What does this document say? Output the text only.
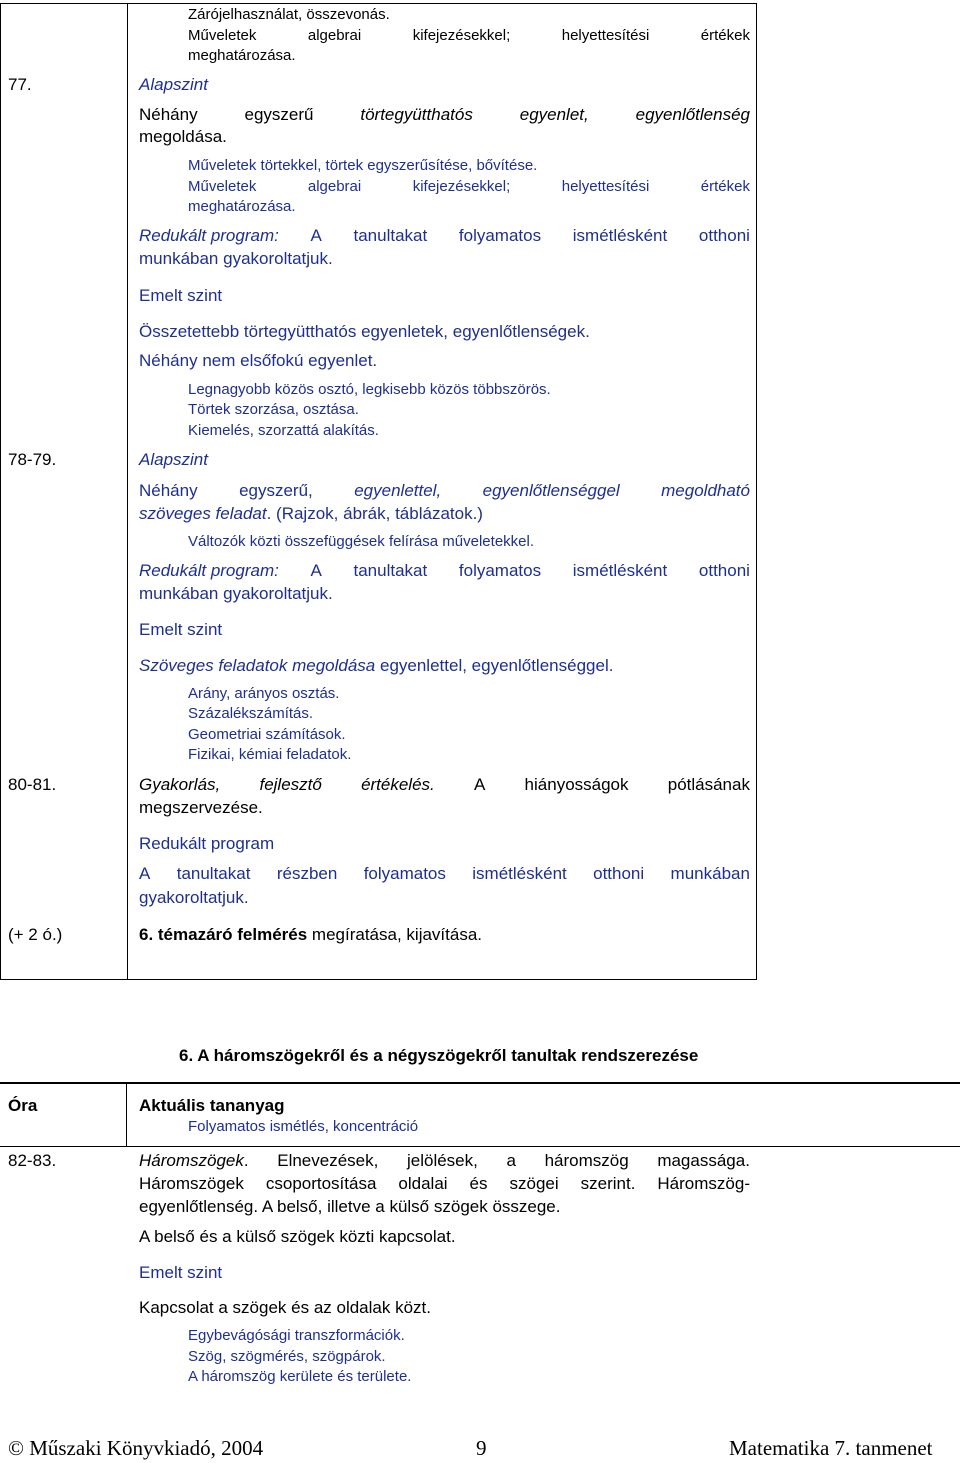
Zárójelhasználat, összevonás.
Műveletek	algebrai	kifejezésekkel;	helyettesítési	értékek
meghatározása.
77.	Alapszint
Néhány	egyszerű	törtegyütthatós	egyenlet,	egyenlőtlenség
megoldása.
Műveletek törtekkel, törtek egyszerűsítése, bővítése.
Műveletek	algebrai	kifejezésekkel;	helyettesítési	értékek
meghatározása.
Redukált program: A tanultakat folyamatos ismétlésként otthoni
munkában gyakoroltatjuk.
Emelt szint
Összetettebb törtegyütthatós egyenletek, egyenlőtlenségek.
Néhány nem elsőfokú egyenlet.
Legnagyobb közös osztó, legkisebb közös többszörös.
Törtek szorzása, osztása.
Kiemelés, szorzattá alakítás.
78-79.	Alapszint
Néhány egyszerű, egyenlettel, egyenlőtlenséggel megoldható
szöveges feladat. (Rajzok, ábrák, táblázatok.)
Változók közti összefüggések felírása műveletekkel.
Redukált program: A tanultakat folyamatos ismétlésként otthoni
munkában gyakoroltatjuk.
Emelt szint
Szöveges feladatok megoldása egyenlettel, egyenlőtlenséggel.
Arány, arányos osztás.
Százalékszámítás.
Geometriai számítások.
Fizikai, kémiai feladatok.
80-81.	Gyakorlás, fejlesztő értékelés. A hiányosságok pótlásának
megszervezése.
Redukált program
A tanultakat részben folyamatos ismétlésként otthoni munkában
gyakoroltatjuk.
(+ 2 ó.)	6. témazáró felmérés megíratása, kijavítása.
6. A háromszögekről és a négyszögekről tanultak rendszerezése
Óra	Aktuális tananyag
Folyamatos ismétlés, koncentráció
82-83.	Háromszögek. Elnevezések, jelölések, a háromszög magassága.
Háromszögek csoportosítása oldalai és szögei szerint. Háromszög-
egyenlőtlenség. A belső, illetve a külső szögek összege.
A belső és a külső szögek közti kapcsolat.
Emelt szint
Kapcsolat a szögek és az oldalak közt.
Egybevágósági transzformációk.
Szög, szögmérés, szögpárok.
A háromszög kerülete és területe.
© Műszaki Könyvkiadó, 2004	9	Matematika 7. tanmenet
